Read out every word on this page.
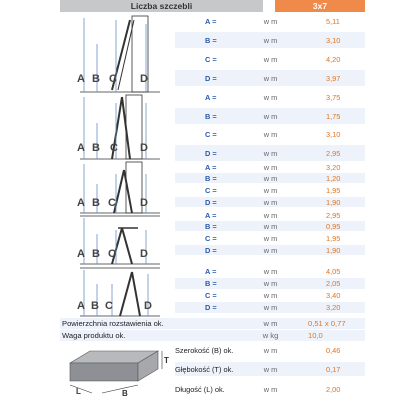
Liczba szczebli	3x7
A =	w m	5,11
B =	w m	3,10
C =	w m	4,20
D =	w m	3,97
A =	w m	3,75
B =	w m	1,75
C =	w m	3,10
D =	w m	2,95
A =	w m	3,20
B =	w m	1,20
C =	w m	1,95
D =	w m	1,90
A =	w m	2,95
B =	w m	0,95
C =	w m	1,95
D =	w m	1,90
A =	w m	4,05
B =	w m	2,05
C =	w m	3,40
D =	w m	3,20
A B C D
A B C D
A B C D
A B C D
A B C	D
Powierzchnia rozstawienia ok.	w m	0,51 x 0,77
Waga produktu ok.	w kg	10,0
Szerokość (B) ok.	w m	0,46
Głębokość (T) ok.	w m	0,17
Długość (L) ok.	w m	2,00
L	B
T
